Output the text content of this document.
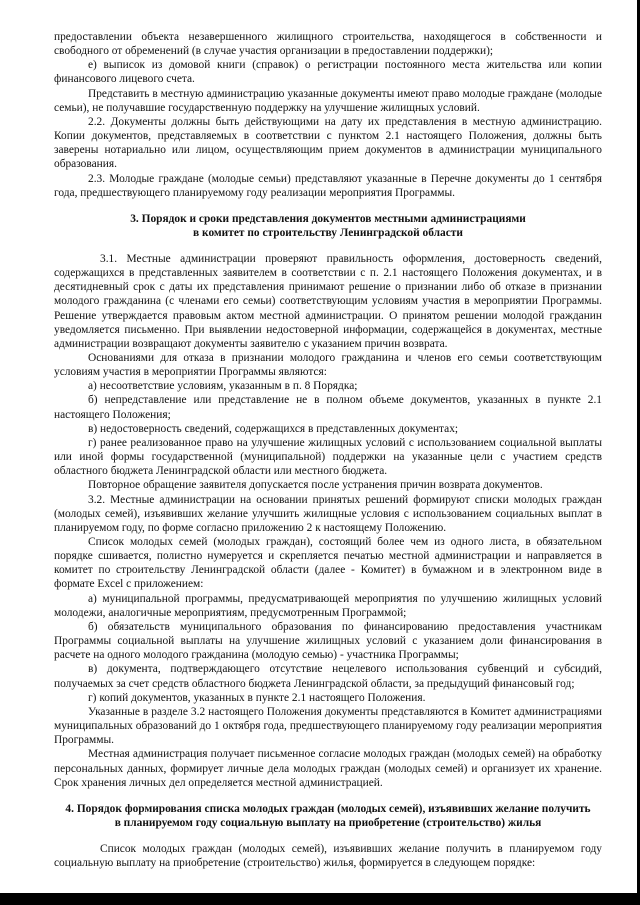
предоставлении объекта незавершенного жилищного строительства, находящегося в собственности и свободного от обременений (в случае участия организации в предоставлении поддержки);

е) выписок из домовой книги (справок) о регистрации постоянного места жительства или копии финансового лицевого счета.

Представить в местную администрацию указанные документы имеют право молодые граждане (молодые семьи), не получавшие государственную поддержку на улучшение жилищных условий.

2.2. Документы должны быть действующими на дату их представления в местную администрацию. Копии документов, представляемых в соответствии с пунктом 2.1 настоящего Положения, должны быть заверены нотариально или лицом, осуществляющим прием документов в администрации муниципального образования.

2.3. Молодые граждане (молодые семьи) представляют указанные в Перечне документы до 1 сентября года, предшествующего планируемому году реализации мероприятия Программы.

3. Порядок и сроки представления документов местными администрациями
в комитет по строительству Ленинградской области

3.1. Местные администрации проверяют правильность оформления, достоверность сведений, содержащихся в представленных заявителем в соответствии с п. 2.1 настоящего Положения документах, и в десятидневный срок с даты их представления принимают решение о признании либо об отказе в признании молодого гражданина (с членами его семьи) соответствующим условиям участия в мероприятии Программы. Решение утверждается правовым актом местной администрации. О принятом решении молодой гражданин уведомляется письменно. При выявлении недостоверной информации, содержащейся в документах, местные администрации возвращают документы заявителю с указанием причин возврата.

Основаниями для отказа в признании молодого гражданина и членов его семьи соответствующим условиям участия в мероприятии Программы являются:

а) несоответствие условиям, указанным в п. 8 Порядка;

б) непредставление или представление не в полном объеме документов, указанных в пункте 2.1 настоящего Положения;

в) недостоверность сведений, содержащихся в представленных документах;

г) ранее реализованное право на улучшение жилищных условий с использованием социальной выплаты или иной формы государственной (муниципальной) поддержки на указанные цели с участием средств областного бюджета Ленинградской области или местного бюджета.

Повторное обращение заявителя допускается после устранения причин возврата документов.

3.2. Местные администрации на основании принятых решений формируют списки молодых граждан (молодых семей), изъявивших желание улучшить жилищные условия с использованием социальных выплат в планируемом году, по форме согласно приложению 2 к настоящему Положению.

Список молодых семей (молодых граждан), состоящий более чем из одного листа, в обязательном порядке сшивается, полистно нумеруется и скрепляется печатью местной администрации и направляется в комитет по строительству Ленинградской области (далее - Комитет) в бумажном и в электронном виде в формате Excel с приложением:

а) муниципальной программы, предусматривающей мероприятия по улучшению жилищных условий молодежи, аналогичные мероприятиям, предусмотренным Программой;

б) обязательств муниципального образования по финансированию предоставления участникам Программы социальной выплаты на улучшение жилищных условий с указанием доли финансирования в расчете на одного молодого гражданина (молодую семью) - участника Программы;

в) документа, подтверждающего отсутствие нецелевого использования субвенций и субсидий, получаемых за счет средств областного бюджета Ленинградской области, за предыдущий финансовый год;

г) копий документов, указанных в пункте 2.1 настоящего Положения.

Указанные в разделе 3.2 настоящего Положения документы представляются в Комитет администрациями муниципальных образований до 1 октября года, предшествующего планируемому году реализации мероприятия Программы.

Местная администрация получает письменное согласие молодых граждан (молодых семей) на обработку персональных данных, формирует личные дела молодых граждан (молодых семей) и организует их хранение. Срок хранения личных дел определяется местной администрацией.

4. Порядок формирования списка молодых граждан (молодых семей), изъявивших желание получить
в планируемом году социальную выплату на приобретение (строительство) жилья

Список молодых граждан (молодых семей), изъявивших желание получить в планируемом году социальную выплату на приобретение (строительство) жилья, формируется в следующем порядке:
